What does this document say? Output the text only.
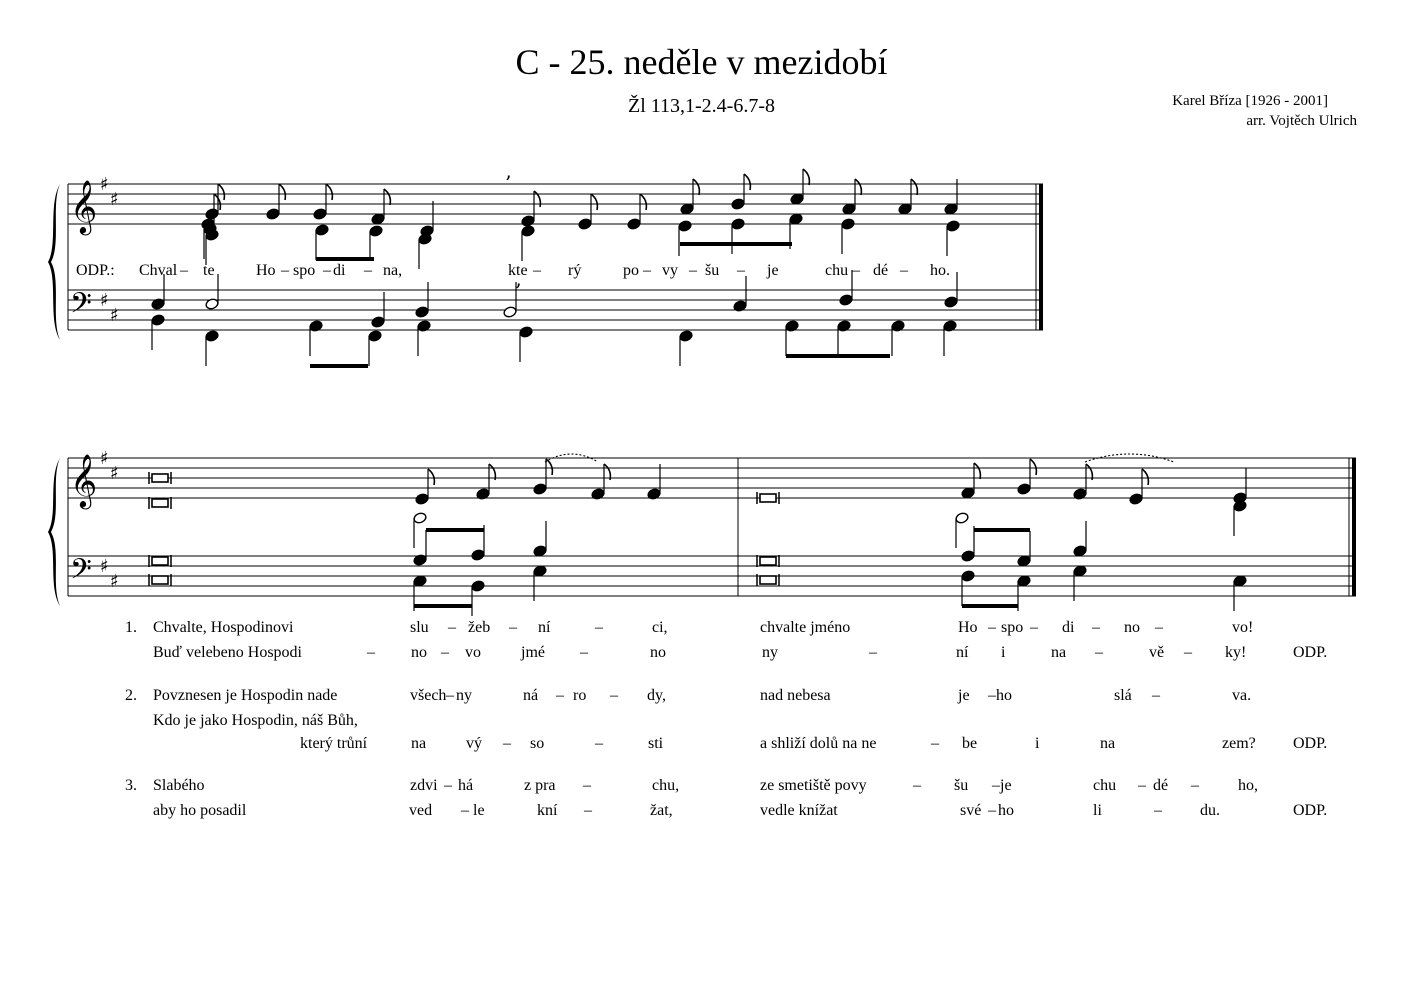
C - 25. neděle v mezidobí
Žl 113,1-2.4-6.7-8	Karel Bříza [1926 - 2001]
arr. Vojtěch Ulrich
𝄞 ♯
♯
𝄢 ♯
♯
𝄞 ♯
♯
𝄢 ♯
♯
’
’
ODP.: Chval – te	Ho – spo – di – na,	kte – rý	po – vy – šu – je	chu – dé – ho.
1. Chvalte, Hospodinovi	slu – žeb – ní	–	ci,	chvalte jméno	Ho – spo – di – no –	vo!
Buď velebeno Hospodi	– no – vo	jmé –	no	ny	–	ní i	na –	vě – ky!	ODP.
2. Povznesen je Hospodin nade	všech – ny	ná – ro – dy,	nad nebesa	je – ho	slá –	va.
Kdo je jako Hospodin, náš Bůh,
který trůní	na vý – so	–	sti	a shliží dolů na ne	– be	i	na	zem? ODP.
3. Slabého	zdvi – há	z pra –	chu,	ze smetiště povy	– šu – je	chu – dé – ho,
aby ho posadil	ved – le	kní –	žat,	vedle knížat	své – ho	li	– du.	ODP.
